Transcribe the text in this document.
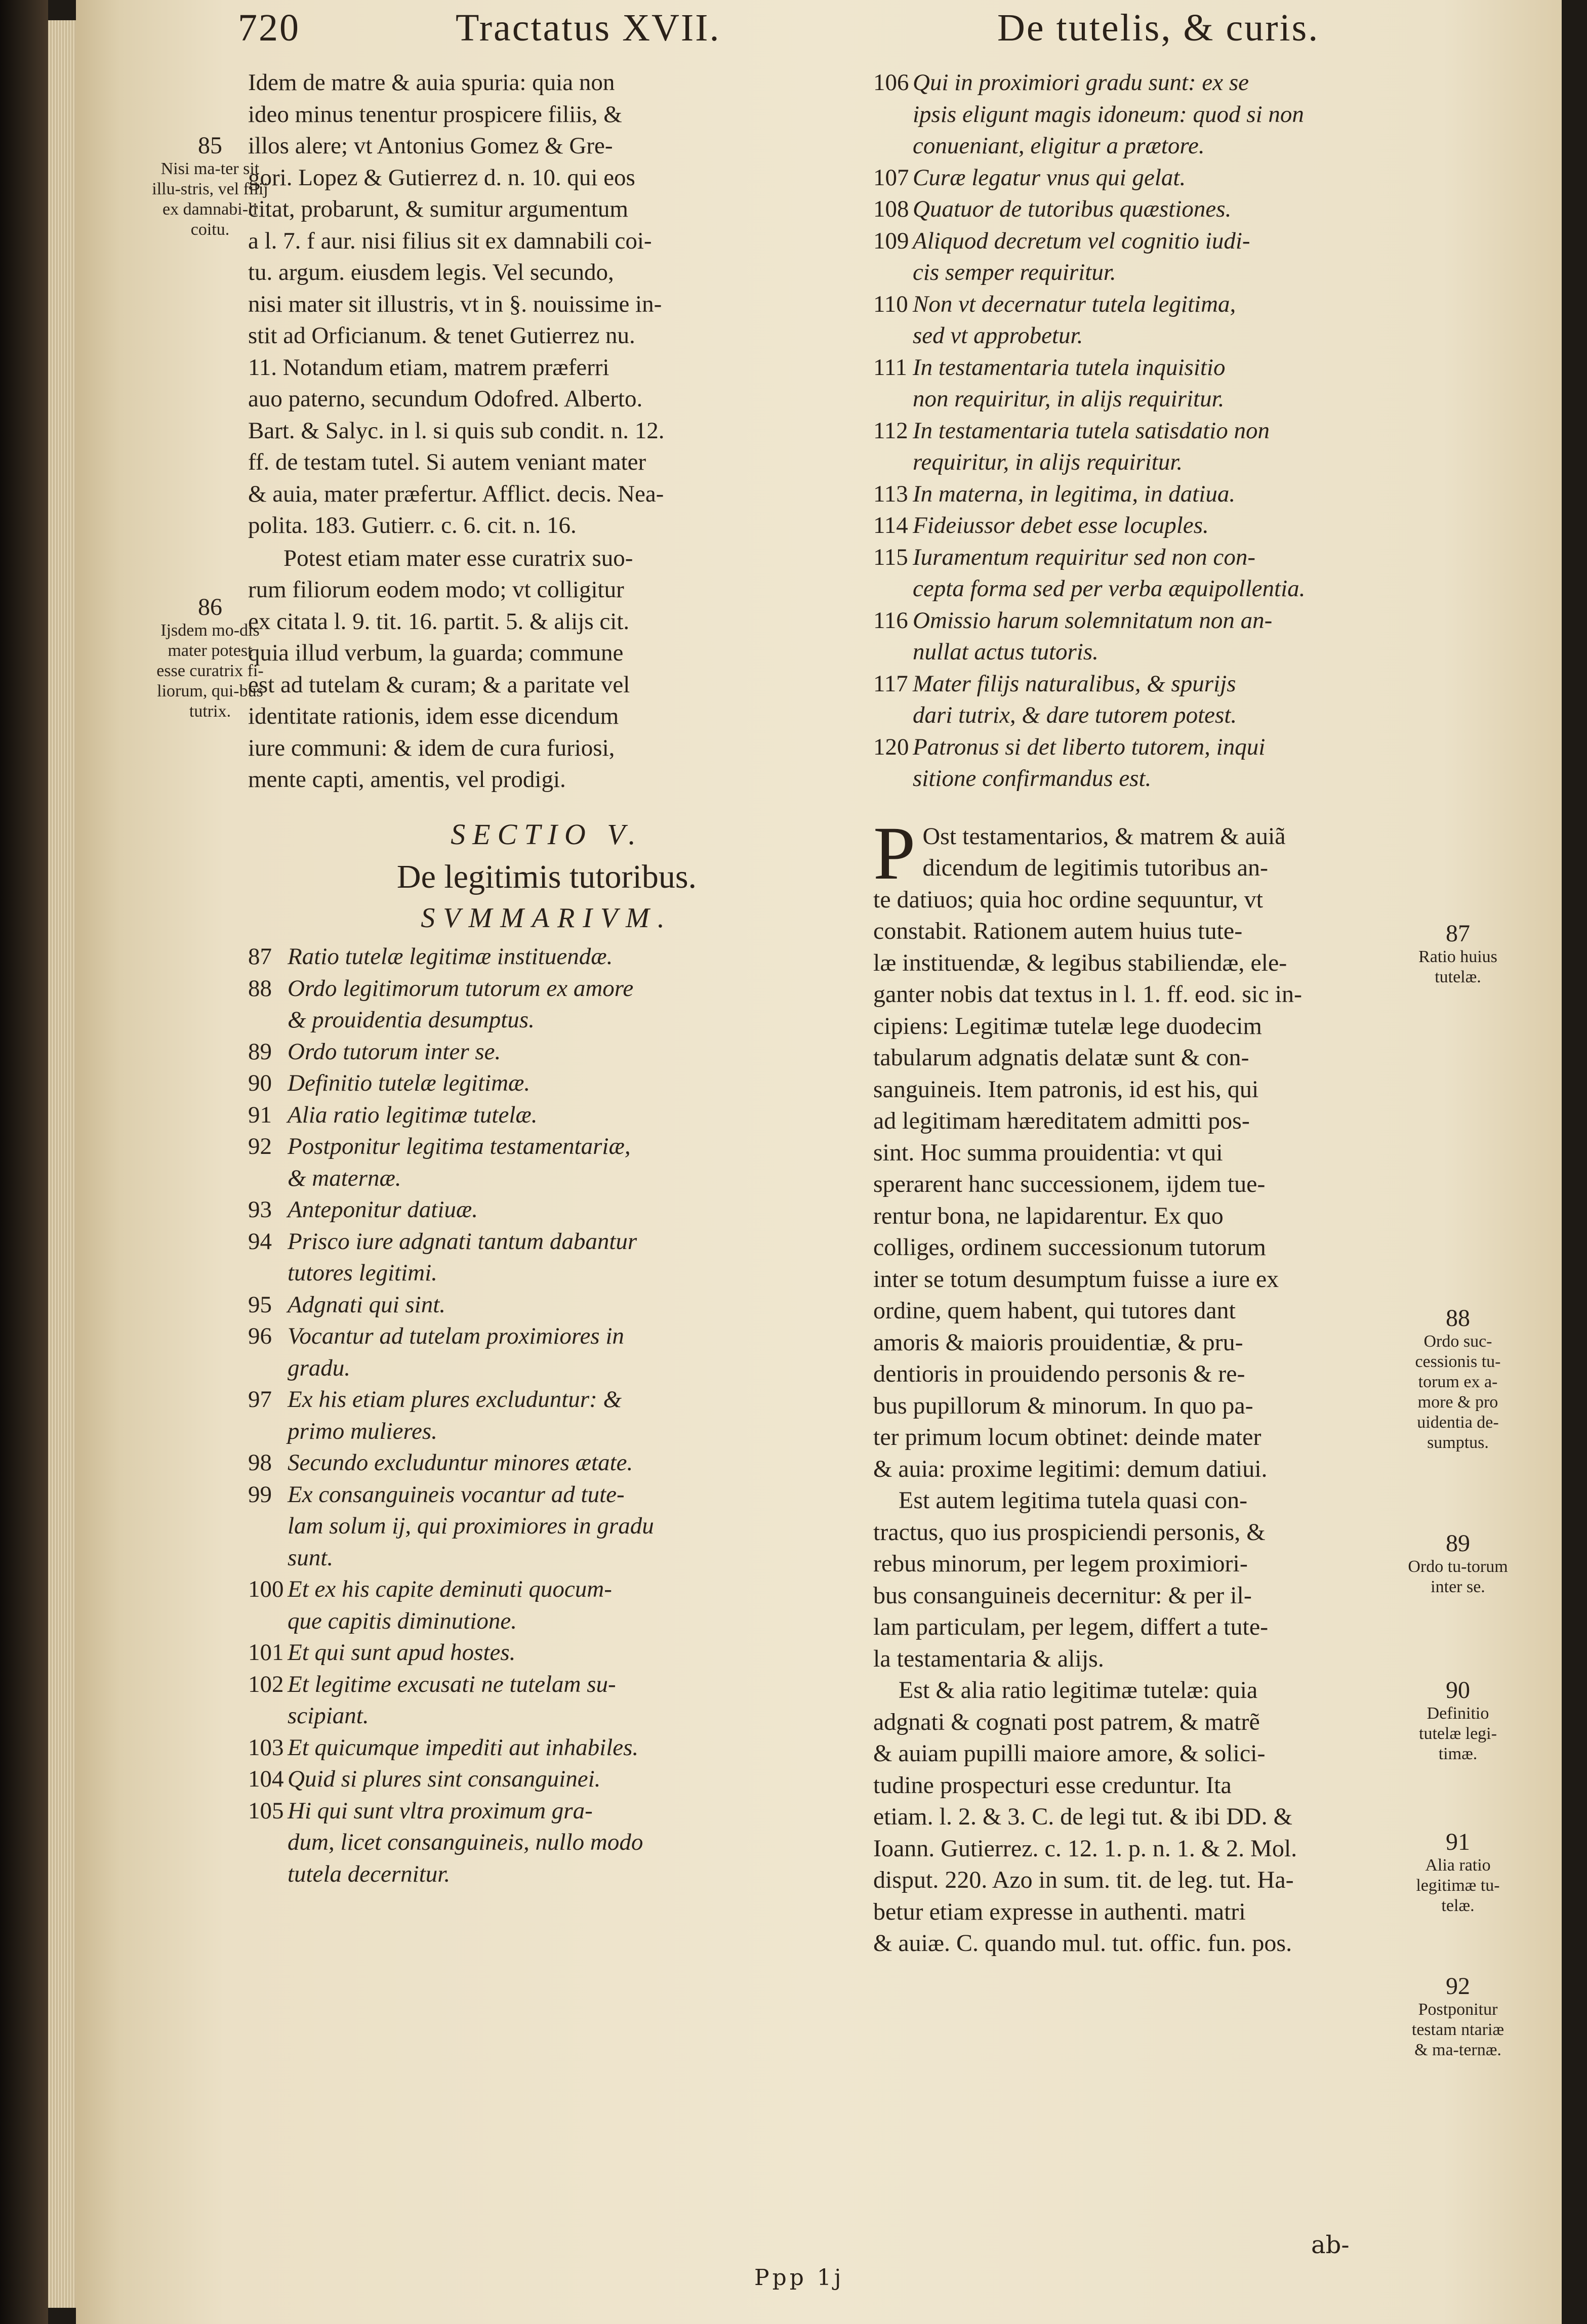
720	Tractatus XVII.	De tutelis, & curis.
Idem de matre & auia spuria: quia non
ideo minus tenentur prospicere filiis, &
illos alere; vt Antonius Gomez & Gre-
gori. Lopez & Gutierrez d. n. 10. qui eos
citat, probarunt, & sumitur argumentum
a l. 7. f aur. nisi filius sit ex damnabili coi-
tu. argum. eiusdem legis. Vel secundo,
nisi mater sit illustris, vt in §. nouissime in-
stit ad Orficianum. & tenet Gutierrez nu.
11. Notandum etiam, matrem præferri
auo paterno, secundum Odofred. Alberto.
Bart. & Salyc. in l. si quis sub condit. n. 12.
ff. de testam tutel. Si autem veniant mater
& auia, mater præfertur. Afflict. decis. Neа-
polita. 183. Gutierr. c. 6. cit. n. 16.
Potest etiam mater esse curatrix suo-
rum filiorum eodem modo; vt colligitur
ex citata l. 9. tit. 16. partit. 5. & alijs cit.
quia illud verbum, la guarda; commune
est ad tutelam & curam; & a paritate vel
identitate rationis, idem esse dicendum
iure communi: & idem de cura furiosi,
mente capti, amentis, vel prodigi.

SECTIO V.

De legitimis tutoribus.

SVMMARIVM.

87 Ratio tutelæ legitimæ instituendæ.
88 Ordo legitimorum tutorum ex amore
& prouidentia desumptus.
89 Ordo tutorum inter se.
90 Definitio tutelæ legitimæ.
91 Alia ratio legitimæ tutelæ.
92 Postponitur legitima testamentariæ,
& maternæ.
93 Anteponitur datiuæ.
94 Prisco iure adgnati tantum dabantur
tutores legitimi.
95 Adgnati qui sint.
96 Vocantur ad tutelam proximiores in
gradu.
97 Ex his etiam plures excluduntur: &
primo mulieres.
98 Secundo excluduntur minores ætate.
99 Ex consanguineis vocantur ad tute-
lam solum ij, qui proximiores in gradu
sunt.
100 Et ex his capite deminuti quocum-
que capitis diminutione.
101 Et qui sunt apud hostes.
102 Et legitime excusati ne tutelam su-
scipiant.
103 Et quicumque impediti aut inhabiles.
104 Quid si plures sint consanguinei.
105 Hi qui sunt vltra proximum gra-
dum, licet consanguineis, nullo modo
tutela decernitur.
106 Qui in proximiori gradu sunt: ex se
ipsis eligunt magis idoneum: quod si non
conueniant, eligitur a prætore.
107 Curæ legatur vnus qui gelat.
108 Quatuor de tutoribus quæstiones.
109 Aliquod decretum vel cognitio iudi-
cis semper requiritur.
110 Non vt decernatur tutela legitima,
sed vt approbetur.
111 In testamentaria tutela inquisitio
non requiritur, in alijs requiritur.
112 In testamentaria tutela satisdatio non
requiritur, in alijs requiritur.
113 In materna, in legitima, in datiua.
114 Fideiussor debet esse locuples.
115 Iuramentum requiritur sed non con-
cepta forma sed per verba æquipollentia.
116 Omissio harum solemnitatum non an-
nullat actus tutoris.
117 Mater filijs naturalibus, & spurijs
dari tutrix, & dare tutorem potest.
120 Patronus si det liberto tutorem, inqui
sitione confirmandus est.
P Ost testamentarios, & matrem & auiã
dicendum de legitimis tutoribus an-
te datiuos; quia hoc ordine sequuntur, vt
constabit. Rationem autem huius tute-
læ instituendæ, & legibus stabiliendæ, ele-
ganter nobis dat textus in l. 1. ff. eod. sic in-
cipiens: Legitimæ tutelæ lege duodecim
tabularum adgnatis delatæ sunt & con-
sanguineis. Item patronis, id est his, qui
ad legitimam hæreditatem admitti pos-
sint. Hoc summa prouidentia: vt qui
sperarent hanc successionem, ijdem tue-
rentur bona, ne lapidarentur. Ex quo
colliges, ordinem successionum tutorum
inter se totum desumptum fuisse a iure ex
ordine, quem habent, qui tutores dant
amoris & maioris prouidentiæ, & pru-
dentioris in prouidendo personis & re-
bus pupillorum & minorum. In quo pa-
ter primum locum obtinet: deinde mater
& auia: proxime legitimi: demum datiui.
Est autem legitima tutela quasi con-
tractus, quo ius prospiciendi personis, &
rebus minorum, per legem proximiori-
bus consanguineis decernitur: & per il-
lam particulam, per legem, differt a tute-
la testamentaria & alijs.
Est & alia ratio legitimæ tutelæ: quia
adgnati & cognati post patrem, & matrẽ
& auiam pupilli maiore amore, & solici-
tudine prospecturi esse creduntur. Ita
etiam. l. 2. & 3. C. de legi tut. & ibi DD. &
Ioann. Gutierrez. c. 12. 1. p. n. 1. & 2. Mol.
disput. 220. Azo in sum. tit. de leg. tut. Ha-
betur etiam expresse in authenti. matri
& auiæ. C. quando mul. tut. offic. fun. pos.
85
Nisi ma-ter sit illu-stris, vel filij ex damnabi-li coitu.
86
Ijsdem mo-dis mater potest esse curatrix fi-liorum, qui-bus tutrix.
87
Ratio huius tutelæ.
88
Ordo suc-cessionis tu-torum ex a-more & pro uidentia de-sumptus.
89
Ordo tu-torum inter se.
90
Definitio tutelæ legi-timæ.
91
Alia ratio legitimæ tu-telæ.
92
Postponitur testam ntariæ & ma-ternæ.
ab-
Ppp 1j
